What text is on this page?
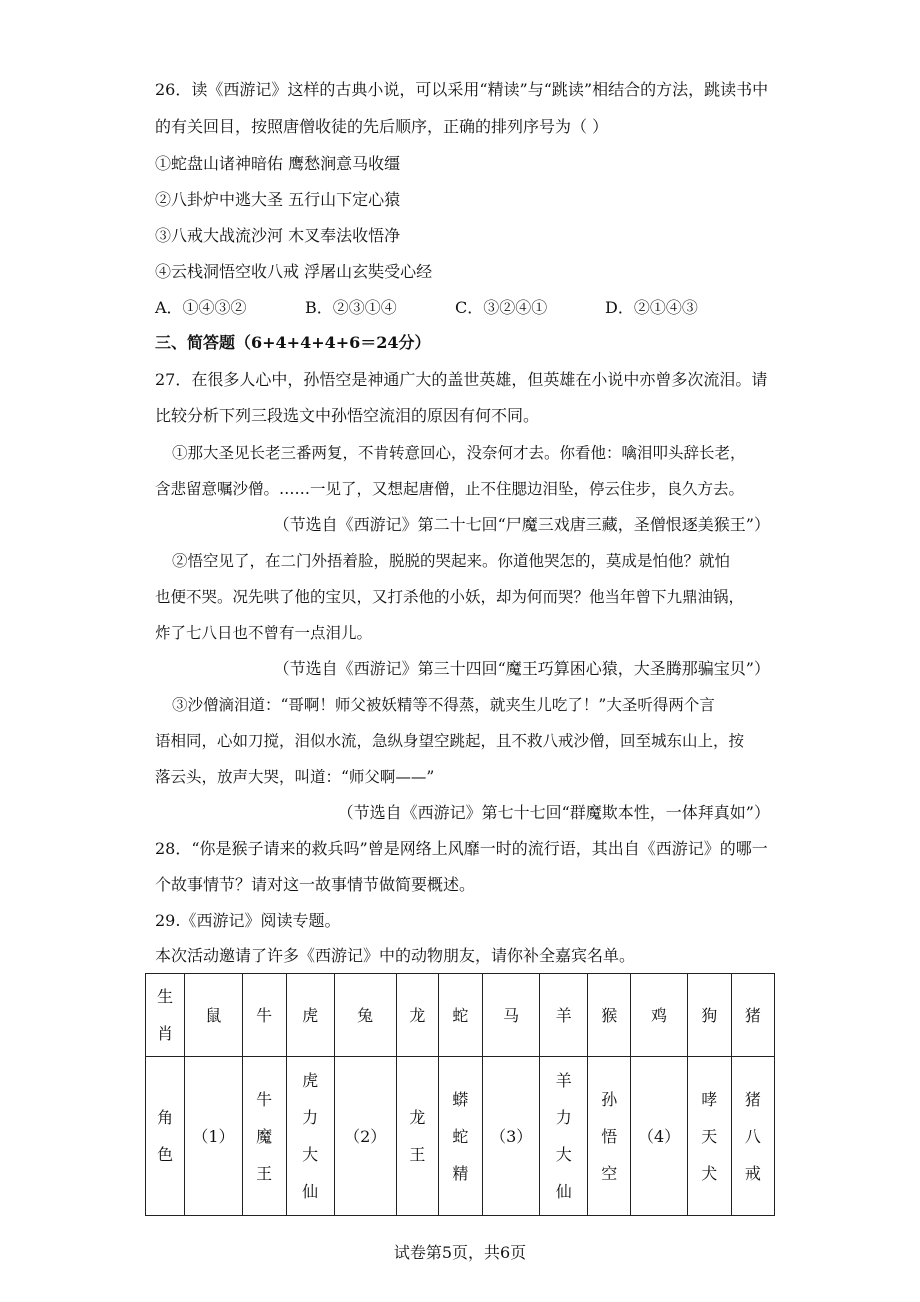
26．读《西游记》这样的古典小说，可以采用“精读”与“跳读”相结合的方法，跳读书中
的有关回目，按照唐僧收徒的先后顺序，正确的排列序号为（ ）
①蛇盘山诸神暗佑 鹰愁涧意马收缰
②八卦炉中逃大圣 五行山下定心猿
③八戒大战流沙河 木叉奉法收悟净
④云栈洞悟空收八戒 浮屠山玄奘受心经
A．①④③②	B．②③①④	C．③②④①	D．②①④③
三、简答题（6+4+4+4+6＝24分）
27．在很多人心中，孙悟空是神通广大的盖世英雄，但英雄在小说中亦曾多次流泪。请
比较分析下列三段选文中孙悟空流泪的原因有何不同。
①那大圣见长老三番两复，不肯转意回心，没奈何才去。你看他：噙泪叩头辞长老，
含悲留意嘱沙僧。……一见了，又想起唐僧，止不住腮边泪坠，停云住步，良久方去。
（节选自《西游记》第二十七回“尸魔三戏唐三藏，圣僧恨逐美猴王”）
②悟空见了，在二门外捂着脸，脱脱的哭起来。你道他哭怎的，莫成是怕他？就怕
也便不哭。况先哄了他的宝贝，又打杀他的小妖，却为何而哭？他当年曾下九鼎油锅，
炸了七八日也不曾有一点泪儿。
（节选自《西游记》第三十四回“魔王巧算困心猿，大圣腾那骗宝贝”）
③沙僧滴泪道：“哥啊！师父被妖精等不得蒸，就夹生儿吃了！”大圣听得两个言
语相同，心如刀搅，泪似水流，急纵身望空跳起，且不救八戒沙僧，回至城东山上，按
落云头，放声大哭，叫道：“师父啊——”
（节选自《西游记》第七十七回“群魔欺本性，一体拜真如”）
28．“你是猴子请来的救兵吗”曾是网络上风靡一时的流行语，其出自《西游记》的哪一
个故事情节？请对这一故事情节做简要概述。
29.《西游记》阅读专题。
本次活动邀请了许多《西游记》中的动物朋友，请你补全嘉宾名单。
生肖	鼠	牛	虎	兔	龙	蛇	马	羊	猴	鸡	狗	猪
角色	（1）	牛魔王	虎力大仙	（2）	龙王	蟒蛇精	（3）	羊力大仙	孙悟空	（4）	哮天犬	猪八戒
试卷第5页，共6页
